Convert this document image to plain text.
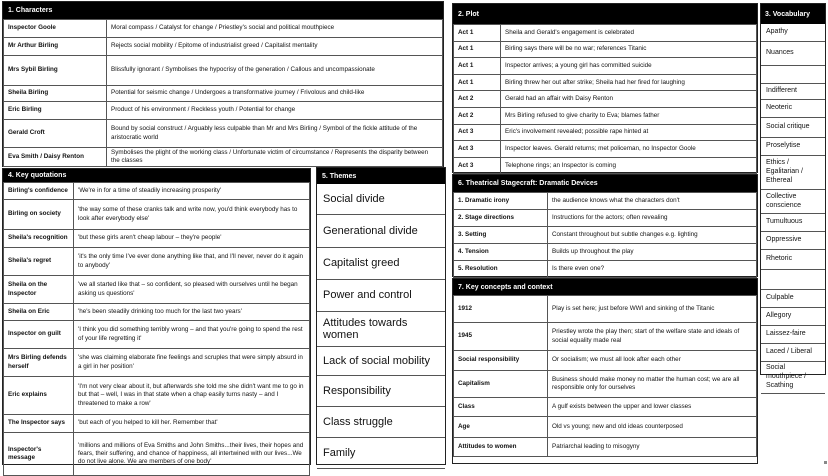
1. Characters
Inspector Goole	Moral compass / Catalyst for change / Priestley's social and political mouthpiece
Mr Arthur Birling	Rejects social mobility / Epitome of industrialist greed / Capitalist mentality
Mrs Sybil Birling	Blissfully ignorant / Symbolises the hypocrisy of the generation / Callous and uncompassionate
Sheila Birling	Potential for seismic change / Undergoes a transformative journey / Frivolous and child-like
Eric Birling	Product of his environment / Reckless youth / Potential for change
Gerald Croft	Bound by social construct / Arguably less culpable than Mr and Mrs Birling / Symbol of the fickle attitude of the aristocratic world
Eva Smith / Daisy Renton	Symbolises the plight of the working class / Unfortunate victim of circumstance / Represents the disparity between the classes
2. Plot
Act 1	Sheila and Gerald's engagement is celebrated
Act 1	Birling says there will be no war; references Titanic
Act 1	Inspector arrives; a young girl has committed suicide
Act 1	Birling threw her out after strike; Sheila had her fired for laughing
Act 2	Gerald had an affair with Daisy Renton
Act 2	Mrs Birling refused to give charity to Eva; blames father
Act 3	Eric's involvement revealed; possible rape hinted at
Act 3	Inspector leaves. Gerald returns; met policeman, no Inspector Goole
Act 3	Telephone rings; an Inspector is coming
3. Vocabulary
Apathy
Nuances
Indifferent
Neoteric
Social critique
Proselytise
Ethics / Egalitarian / Ethereal
Collective conscience
Tumultuous
Oppressive
Rhetoric
Culpable
Allegory
Laissez-faire
Laced / Liberal
Social mouthpiece / Scathing
4. Key quotations
Birling's confidence	'We're in for a time of steadily increasing prosperity'
Birling on society	'the way some of these cranks talk and write now, you'd think everybody has to look after everybody else'
Sheila's recognition	'but these girls aren't cheap labour – they're people'
Sheila's regret	'it's the only time I've ever done anything like that, and I'll never, never do it again to anybody'
Sheila on the Inspector	'we all started like that – so confident, so pleased with ourselves until he began asking us questions'
Sheila on Eric	'he's been steadily drinking too much for the last two years'
Inspector on guilt	'I think you did something terribly wrong – and that you're going to spend the rest of your life regretting it'
Mrs Birling defends herself	'she was claiming elaborate fine feelings and scruples that were simply absurd in a girl in her position'
Eric explains	'I'm not very clear about it, but afterwards she told me she didn't want me to go in but that – well, I was in that state when a chap easily turns nasty – and I threatened to make a row'
The Inspector says	'but each of you helped to kill her. Remember that'
Inspector's message	'millions and millions of Eva Smiths and John Smiths...their lives, their hopes and fears, their suffering, and chance of happiness, all intertwined with our lives...We do not live alone. We are members of one body'
5. Themes
Social divide
Generational divide
Capitalist greed
Power and control
Attitudes towards women
Lack of social mobility
Responsibility
Class struggle
Family
6. Theatrical Stagecraft: Dramatic Devices
1. Dramatic irony	the audience knows what the characters don't
2. Stage directions	Instructions for the actors; often revealing
3. Setting	Constant throughout but subtle changes e.g. lighting
4. Tension	Builds up throughout the play
5. Resolution	Is there even one?
7. Key concepts and context
1912	Play is set here; just before WWI and sinking of the Titanic
1945	Priestley wrote the play then; start of the welfare state and ideals of social equality made real
Social responsibility	Or socialism; we must all look after each other
Capitalism	Business should make money no matter the human cost; we are all responsible only for ourselves
Class	A gulf exists between the upper and lower classes
Age	Old vs young; new and old ideas counterposed
Attitudes to women	Patriarchal leading to misogyny
